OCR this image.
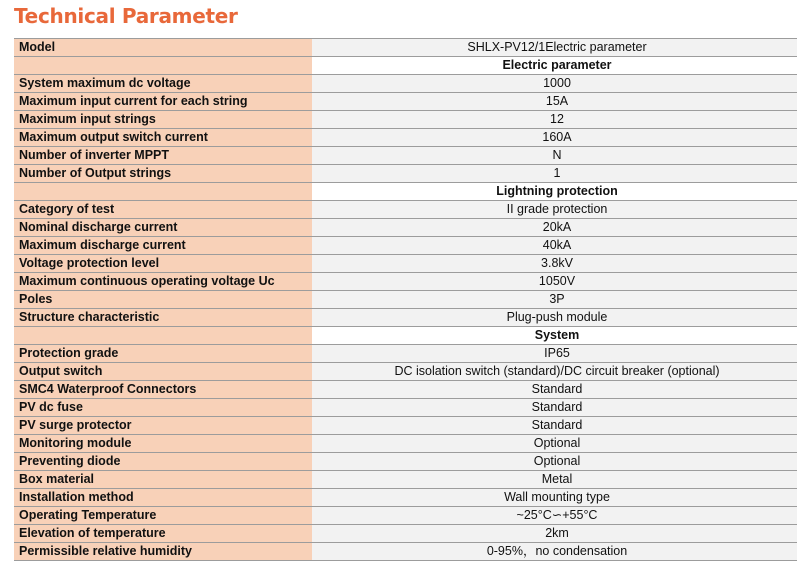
Technical Parameter
Model	SHLX-PV12/1Electric parameter
	Electric parameter
System maximum dc voltage	1000
Maximum input current for each string	15A
Maximum input strings	12
Maximum output switch current	160A
Number of inverter MPPT	N
Number of Output strings	1
	Lightning protection
Category of test	II grade protection
Nominal discharge current	20kA
Maximum discharge current	40kA
Voltage protection level	3.8kV
Maximum continuous operating voltage Uc	1050V
Poles	3P
Structure characteristic	Plug-push module
	System
Protection grade	IP65
Output switch	DC isolation switch (standard)/DC circuit breaker (optional)
SMC4 Waterproof Connectors	Standard
PV dc fuse	Standard
PV surge protector	Standard
Monitoring module	Optional
Preventing diode	Optional
Box material	Metal
Installation method	Wall mounting type
Operating Temperature	~25°C∽+55°C
Elevation of temperature	2km
Permissible relative humidity	0-95%，no condensation
